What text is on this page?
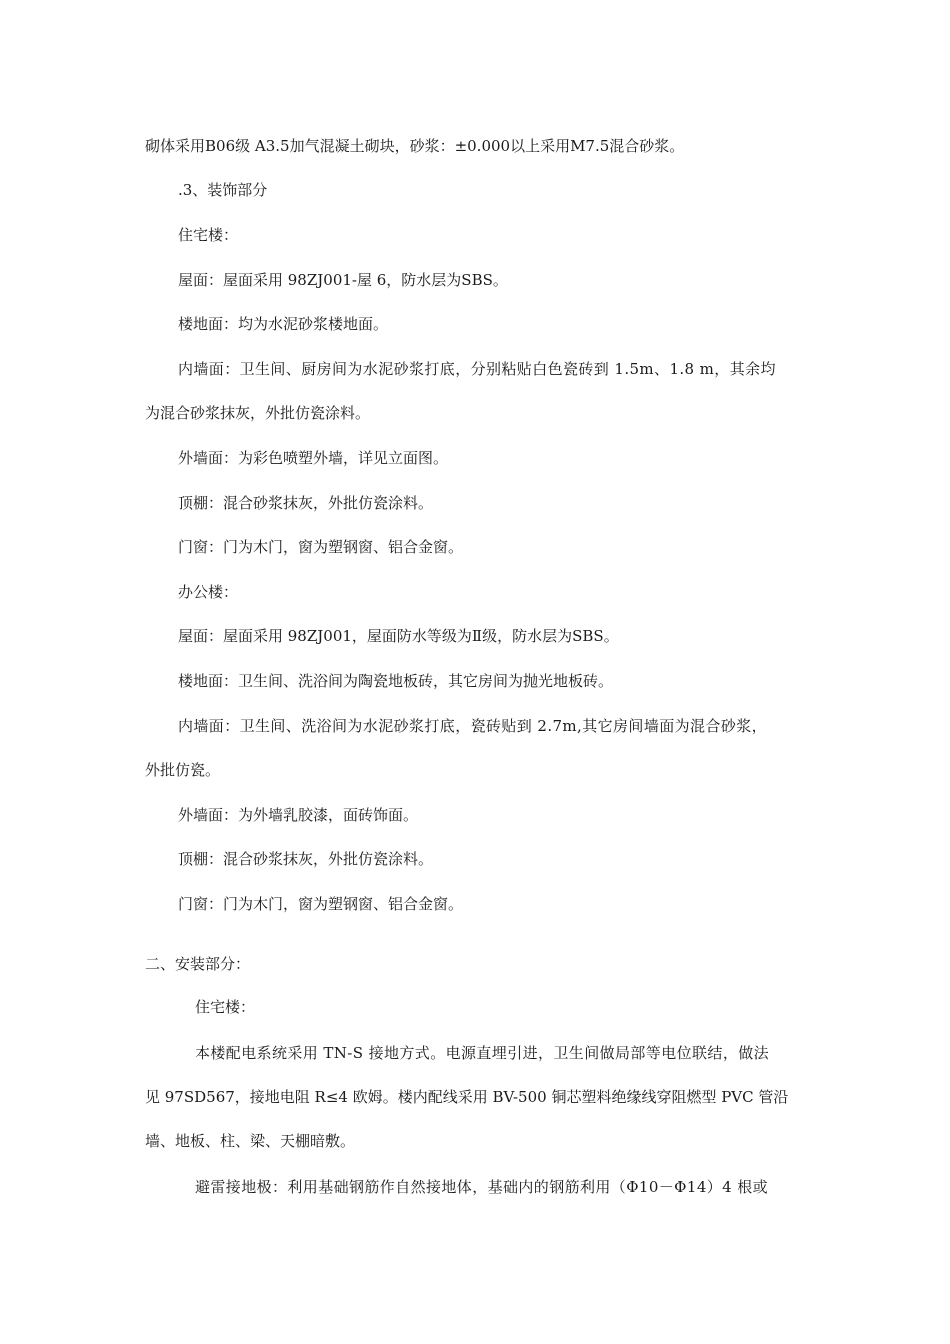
砌体采用B06级 A3.5加气混凝土砌块，砂浆：±0.000以上采用M7.5混合砂浆。

.3、装饰部分

住宅楼：

屋面：屋面采用 98ZJ001-屋 6，防水层为SBS。

楼地面：均为水泥砂浆楼地面。

内墙面：卫生间、厨房间为水泥砂浆打底，分别粘贴白色瓷砖到 1.5m、1.8 m，其余均

为混合砂浆抹灰，外批仿瓷涂料。

外墙面：为彩色喷塑外墙，详见立面图。

顶棚：混合砂浆抹灰，外批仿瓷涂料。

门窗：门为木门，窗为塑钢窗、铝合金窗。

办公楼：

屋面：屋面采用 98ZJ001，屋面防水等级为Ⅱ级，防水层为SBS。

楼地面：卫生间、洗浴间为陶瓷地板砖，其它房间为抛光地板砖。

内墙面：卫生间、洗浴间为水泥砂浆打底，瓷砖贴到 2.7m,其它房间墙面为混合砂浆，

外批仿瓷。

外墙面：为外墙乳胶漆，面砖饰面。

顶棚：混合砂浆抹灰，外批仿瓷涂料。

门窗：门为木门，窗为塑钢窗、铝合金窗。

二、安装部分：

住宅楼：

本楼配电系统采用 TN-S 接地方式。电源直埋引进，卫生间做局部等电位联结，做法

见 97SD567，接地电阻 R≤4 欧姆。楼内配线采用 BV-500 铜芯塑料绝缘线穿阻燃型 PVC 管沿

墙、地板、柱、梁、天棚暗敷。

避雷接地极：利用基础钢筋作自然接地体，基础内的钢筋利用（Φ10－Φ14）4 根或
